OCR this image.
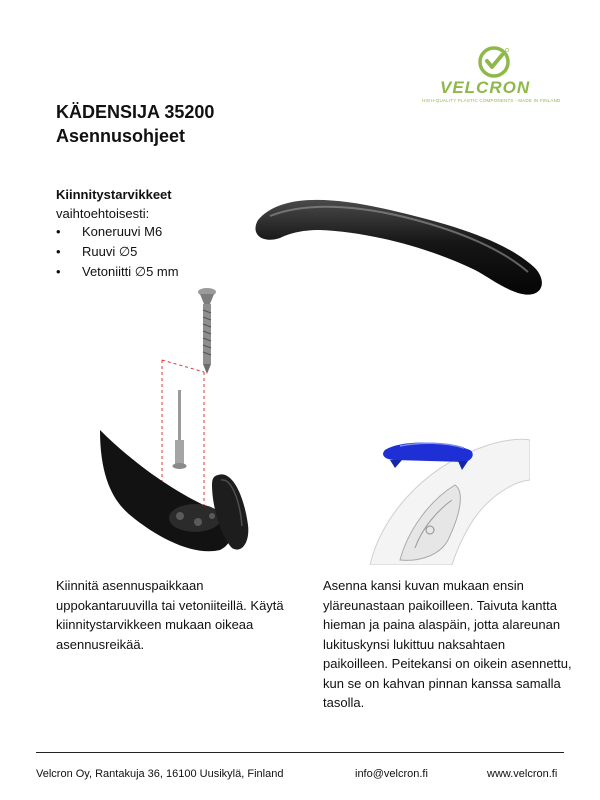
VELCRON
HIGH-QUALITY PLASTIC COMPONENTS - MADE IN FINLAND
KÄDENSIJA 35200
Asennusohjeet
Kiinnitystarvikkeet
vaihtoehtoisesti:
• Koneruuvi M6
• Ruuvi ∅5
• Vetoniitti ∅5 mm

Kiinnitä asennuspaikkaan uppokantaruuvilla tai vetoniiteillä. Käytä kiinnitystarvikkeen mukaan oikeaa asennusreikää.

Asenna kansi kuvan mukaan ensin yläreunastaan paikoilleen. Taivuta kantta hieman ja paina alaspäin, jotta alareunan lukituskynsi lukittuu naksahtaen paikoilleen. Peitekansi on oikein asennettu, kun se on kahvan pinnan kanssa samalla tasolla.

Velcron Oy, Rantakuja 36, 16100 Uusikylä, Finland	info@velcron.fi	www.velcron.fi
